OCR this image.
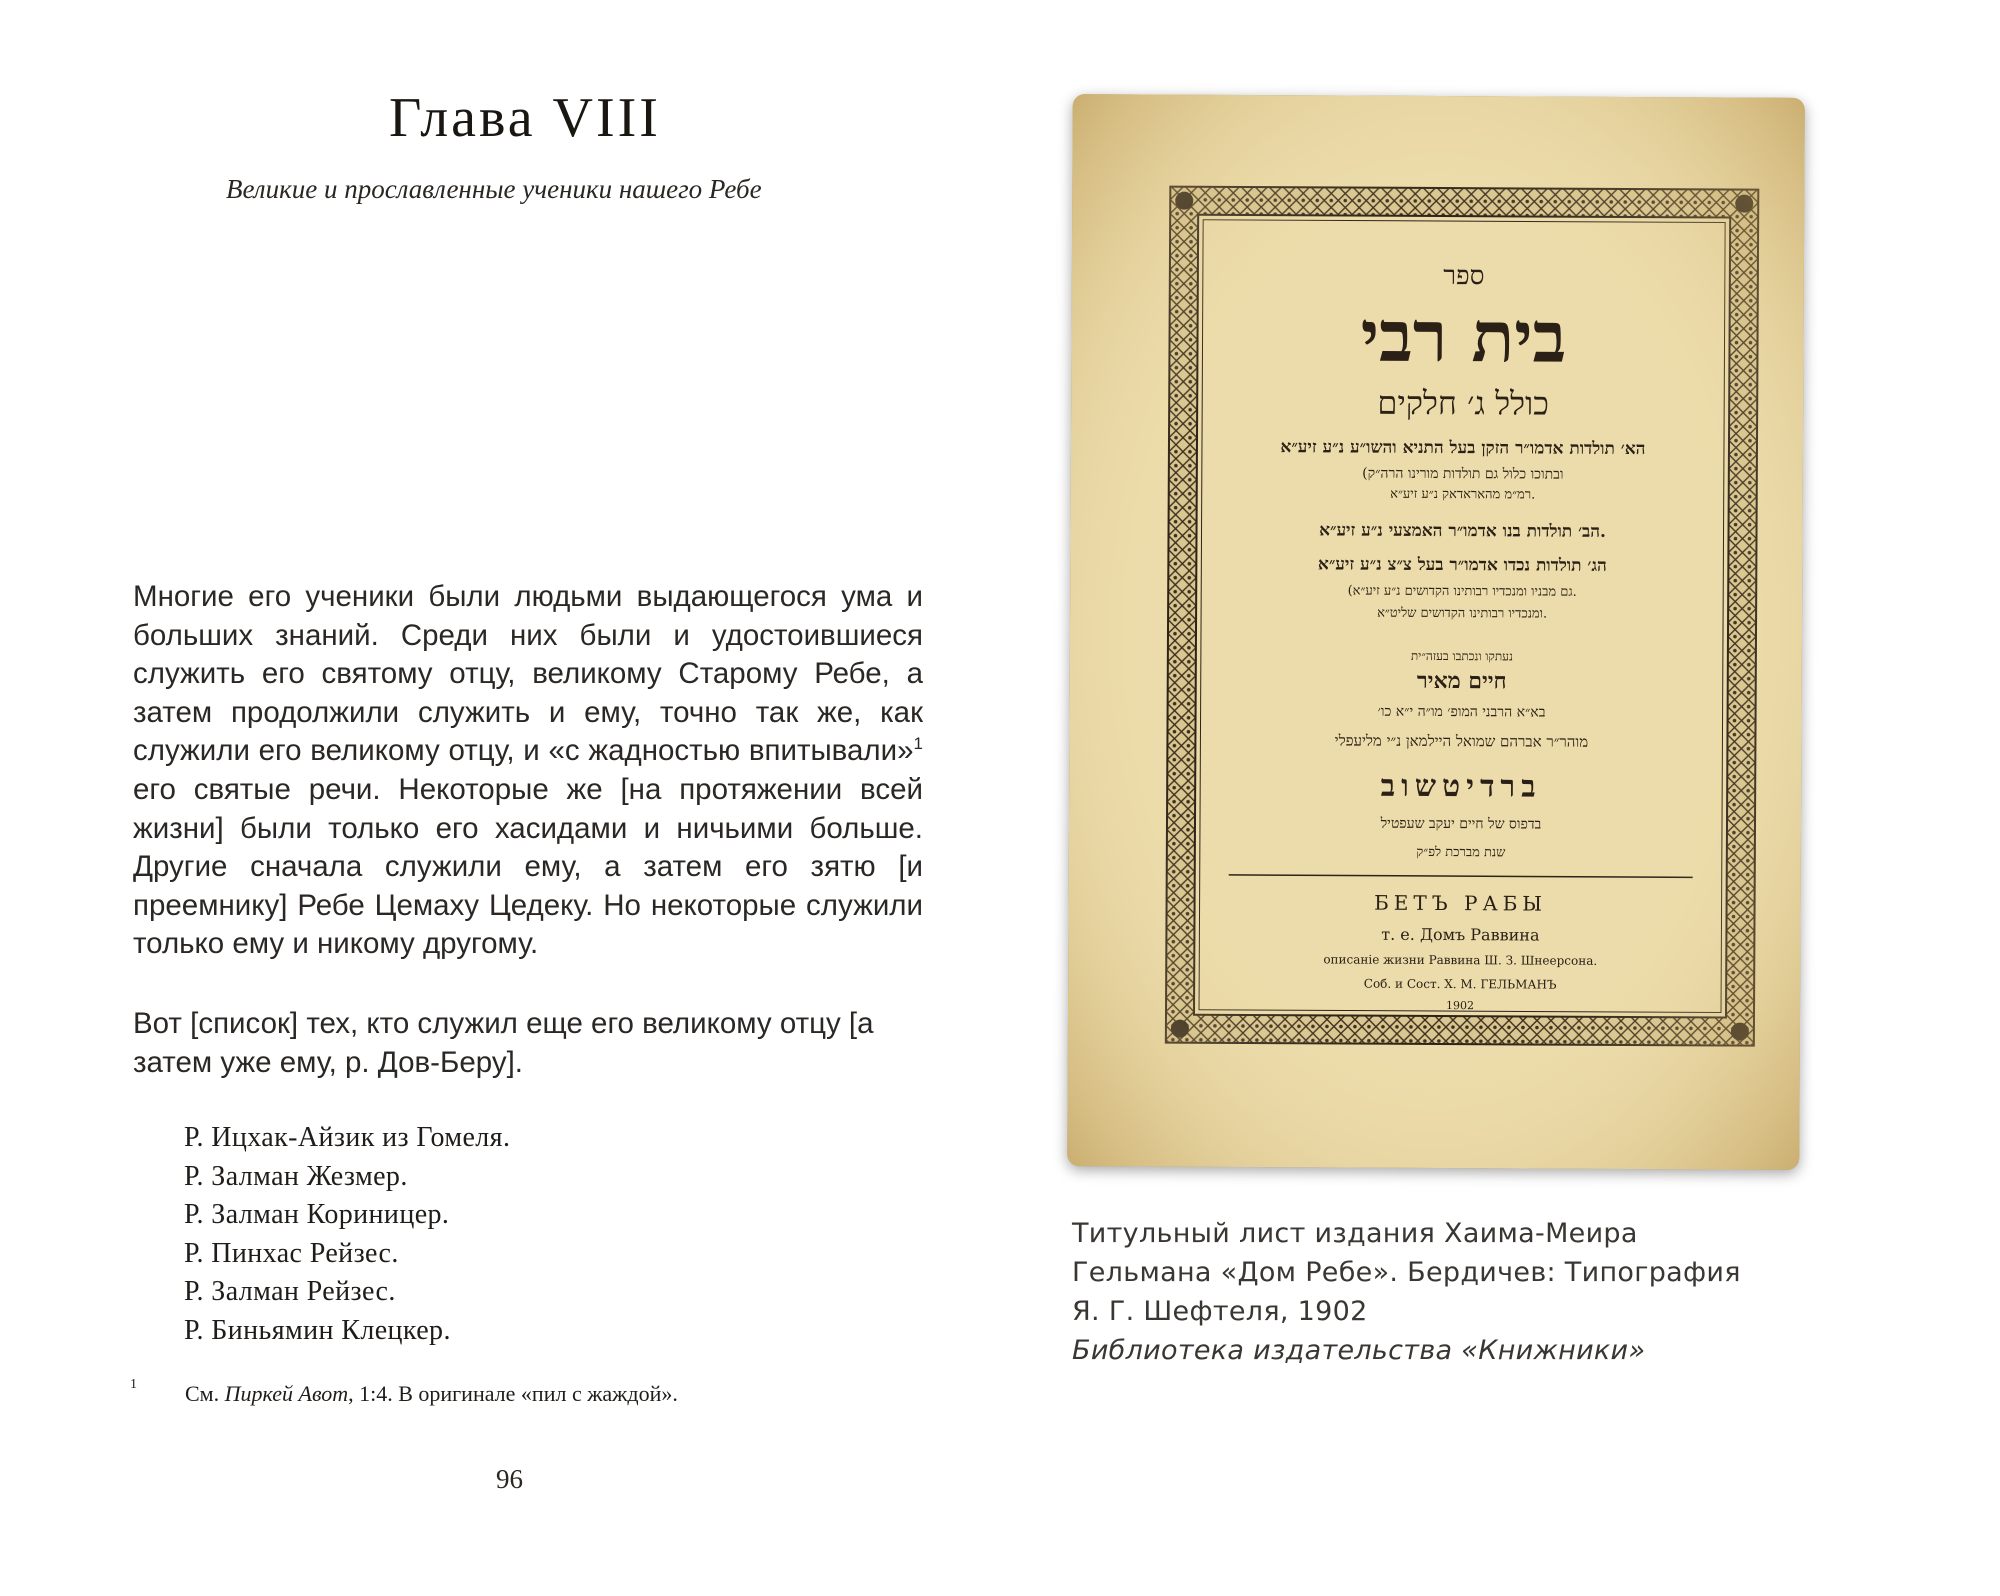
Глава VIII

Великие и прославленные ученики нашего Ребе

Многие его ученики были людьми выдающегося ума и больших знаний. Среди них были и удостоившиеся служить его святому отцу, великому Старому Ребе, а затем продолжили служить и ему, точно так же, как служили его великому отцу, и «с жадностью впитывали»$^1$ его святые речи. Некоторые же [на протяжении всей жизни] были только его хасидами и ничьими больше. Другие сначала служили ему, а затем его зятю [и преемнику] Ребе Цемаху Цедеку. Но некоторые служили только ему и никому другому.

Вот [список] тех, кто служил еще его великому отцу [а затем уже ему, р. Дов-Беру].

Р. Ицхак-Айзик из Гомеля.
Р. Залман Жезмер.
Р. Залман Кориницер.
Р. Пинхас Рейзес.
Р. Залман Рейзес.
Р. Биньямин Клецкер.
1 См. Пиркей Авот, 1:4. В оригинале «пил с жаждой».
96
Титульный лист издания Хаима-Меира
Гельмана «Дом Ребе». Бердичев: Типография
Я. Г. Шефтеля, 1902
Библиотека издательства «Книжники»
